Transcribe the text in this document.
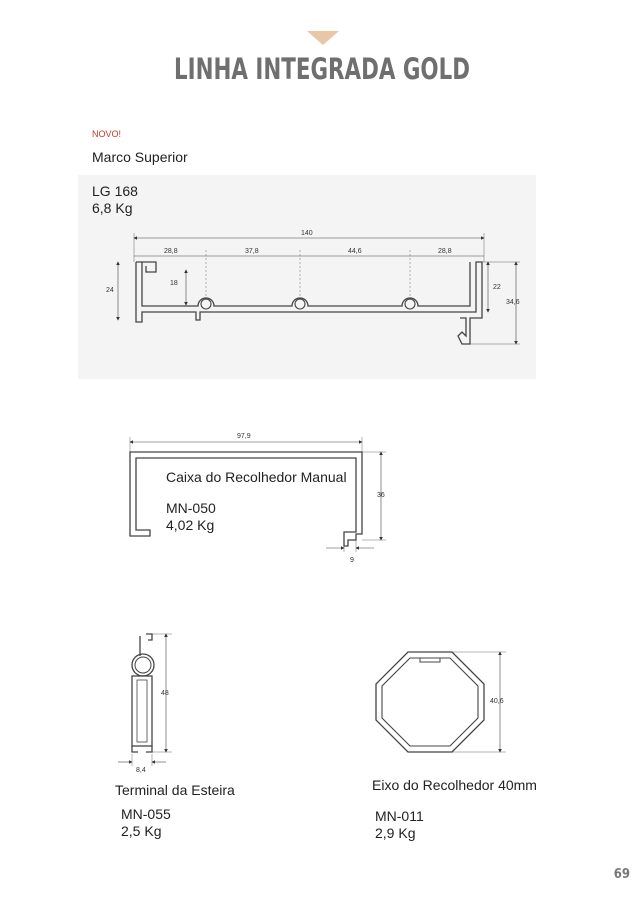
LINHA INTEGRADA GOLD
NOVO!
Marco Superior
LG 168
6,8 Kg
140
28,8	37,8	44,6	28,8
18
24	22
34,6
97,9
36
9
48
8,4
40,6
Caixa do Recolhedor Manual
MN-050
4,02 Kg
Terminal da Esteira
MN-055
2,5 Kg
Eixo do Recolhedor 40mm
MN-011
2,9 Kg
69
